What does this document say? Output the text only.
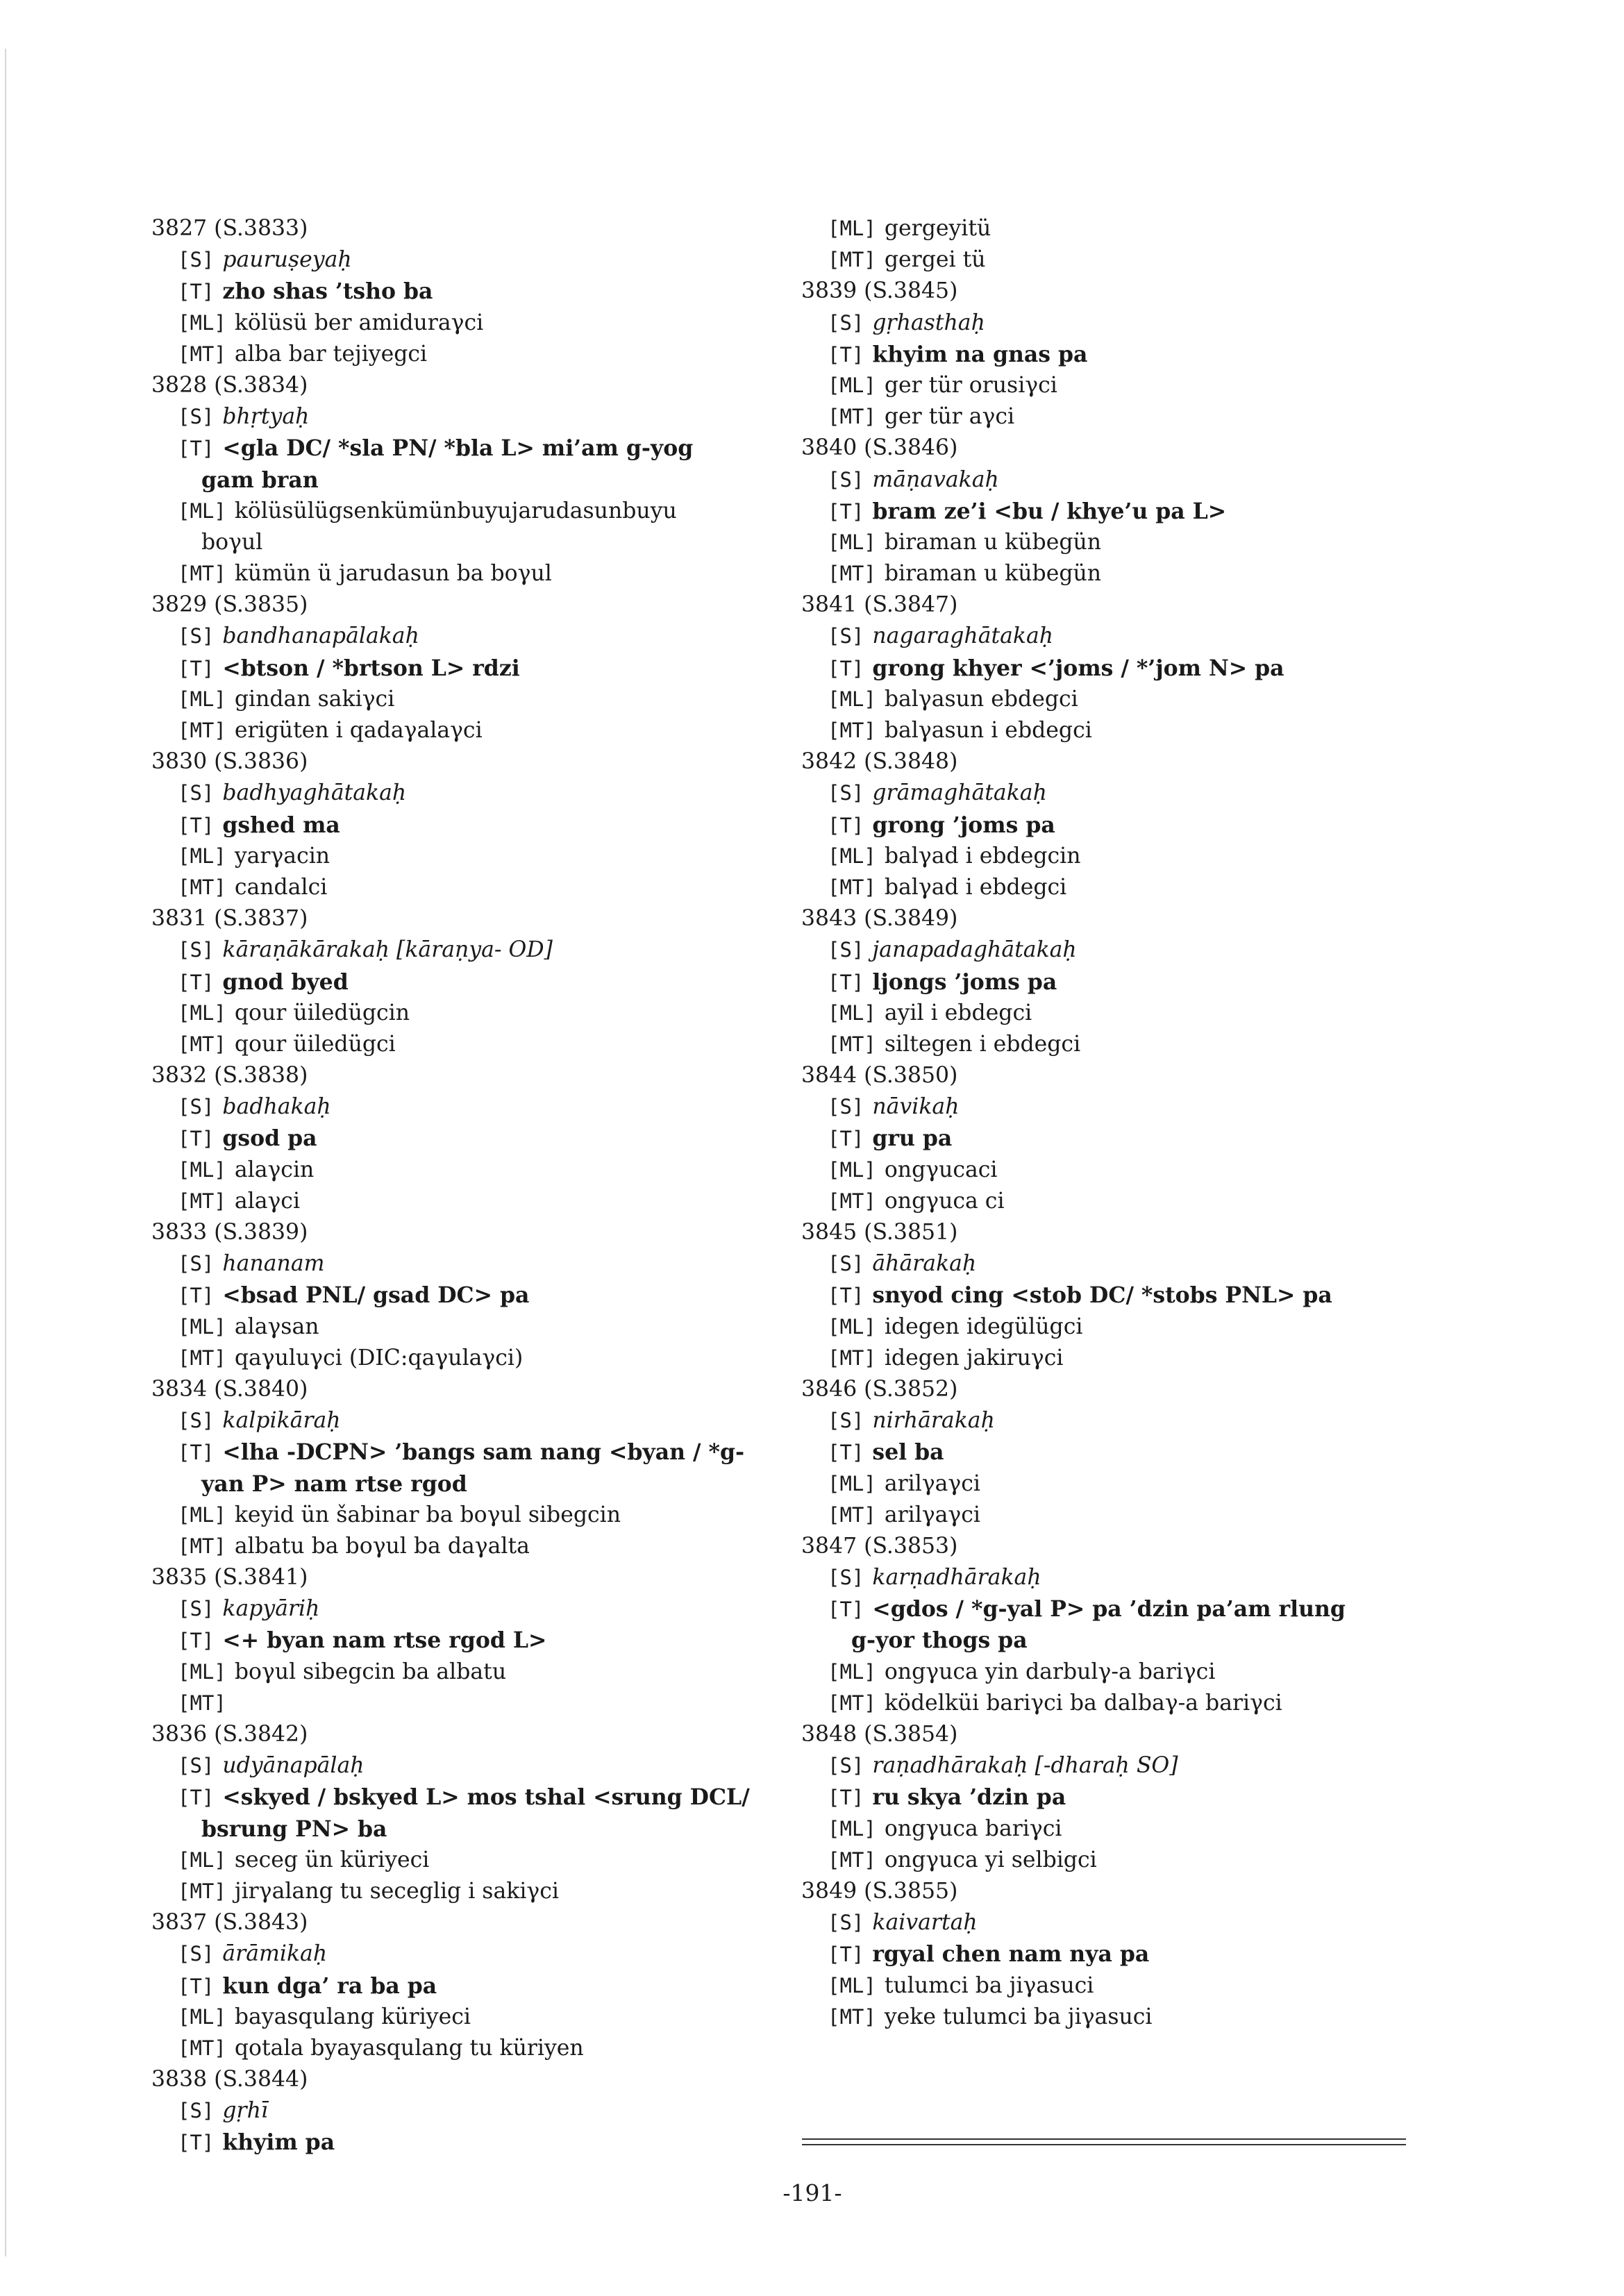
3827 (S.3833)
[S] pauruṣeyaḥ
[T] zho shas ’tsho ba
[ML] kölüsü ber amiduraγci
[MT] alba bar tejiyegci
3828 (S.3834)
[S] bhṛtyaḥ
[T] <gla DC/ *sla PN/ *bla L> mi’am g-yog
gam bran
[ML] kölüsülügsenkümünbuyujarudasunbuyu
boγul
[MT] kümün ü jarudasun ba boγul
3829 (S.3835)
[S] bandhanapālakaḥ
[T] <btson / *brtson L> rdzi
[ML] gindan sakiγci
[MT] erigüten i qadaγalaγci
3830 (S.3836)
[S] badhyaghātakaḥ
[T] gshed ma
[ML] yarγacin
[MT] candalci
3831 (S.3837)
[S] kāraṇākārakaḥ [kāraṇya- OD]
[T] gnod byed
[ML] qour üiledügcin
[MT] qour üiledügci
3832 (S.3838)
[S] badhakaḥ
[T] gsod pa
[ML] alaγcin
[MT] alaγci
3833 (S.3839)
[S] hananam
[T] <bsad PNL/ gsad DC> pa
[ML] alaγsan
[MT] qaγuluγci (DIC:qaγulaγci)
3834 (S.3840)
[S] kalpikāraḥ
[T] <lha -DCPN> ’bangs sam nang <byan / *g-
yan P> nam rtse rgod
[ML] keyid ün šabinar ba boγul sibegcin
[MT] albatu ba boγul ba daγalta
3835 (S.3841)
[S] kapyāriḥ
[T] <+ byan nam rtse rgod L>
[ML] boγul sibegcin ba albatu
[MT]
3836 (S.3842)
[S] udyānapālaḥ
[T] <skyed / bskyed L> mos tshal <srung DCL/
bsrung PN> ba
[ML] seceg ün küriyeci
[MT] jirγalang tu seceglig i sakiγci
3837 (S.3843)
[S] ārāmikaḥ
[T] kun dga’ ra ba pa
[ML] bayasqulang küriyeci
[MT] qotala byayasqulang tu küriyen
3838 (S.3844)
[S] gṛhī
[T] khyim pa
[ML] gergeyitü
[MT] gergei tü
3839 (S.3845)
[S] gṛhasthaḥ
[T] khyim na gnas pa
[ML] ger tür orusiγci
[MT] ger tür aγci
3840 (S.3846)
[S] māṇavakaḥ
[T] bram ze’i <bu / khye’u pa L>
[ML] biraman u kübegün
[MT] biraman u kübegün
3841 (S.3847)
[S] nagaraghātakaḥ
[T] grong khyer <’joms / *’jom N> pa
[ML] balγasun ebdegci
[MT] balγasun i ebdegci
3842 (S.3848)
[S] grāmaghātakaḥ
[T] grong ’joms pa
[ML] balγad i ebdegcin
[MT] balγad i ebdegci
3843 (S.3849)
[S] janapadaghātakaḥ
[T] ljongs ’joms pa
[ML] ayil i ebdegci
[MT] siltegen i ebdegci
3844 (S.3850)
[S] nāvikaḥ
[T] gru pa
[ML] ongγucaci
[MT] ongγuca ci
3845 (S.3851)
[S] āhārakaḥ
[T] snyod cing <stob DC/ *stobs PNL> pa
[ML] idegen idegülügci
[MT] idegen jakiruγci
3846 (S.3852)
[S] nirhārakaḥ
[T] sel ba
[ML] arilγaγci
[MT] arilγaγci
3847 (S.3853)
[S] karṇadhārakaḥ
[T] <gdos / *g-yal P> pa ’dzin pa’am rlung
g-yor thogs pa
[ML] ongγuca yin darbulγ-a bariγci
[MT] ködelküi bariγci ba dalbaγ-a bariγci
3848 (S.3854)
[S] raṇadhārakaḥ [-dharaḥ SO]
[T] ru skya ’dzin pa
[ML] ongγuca bariγci
[MT] ongγuca yi selbigci
3849 (S.3855)
[S] kaivartaḥ
[T] rgyal chen nam nya pa
[ML] tulumci ba jiγasuci
[MT] yeke tulumci ba jiγasuci
-191-
